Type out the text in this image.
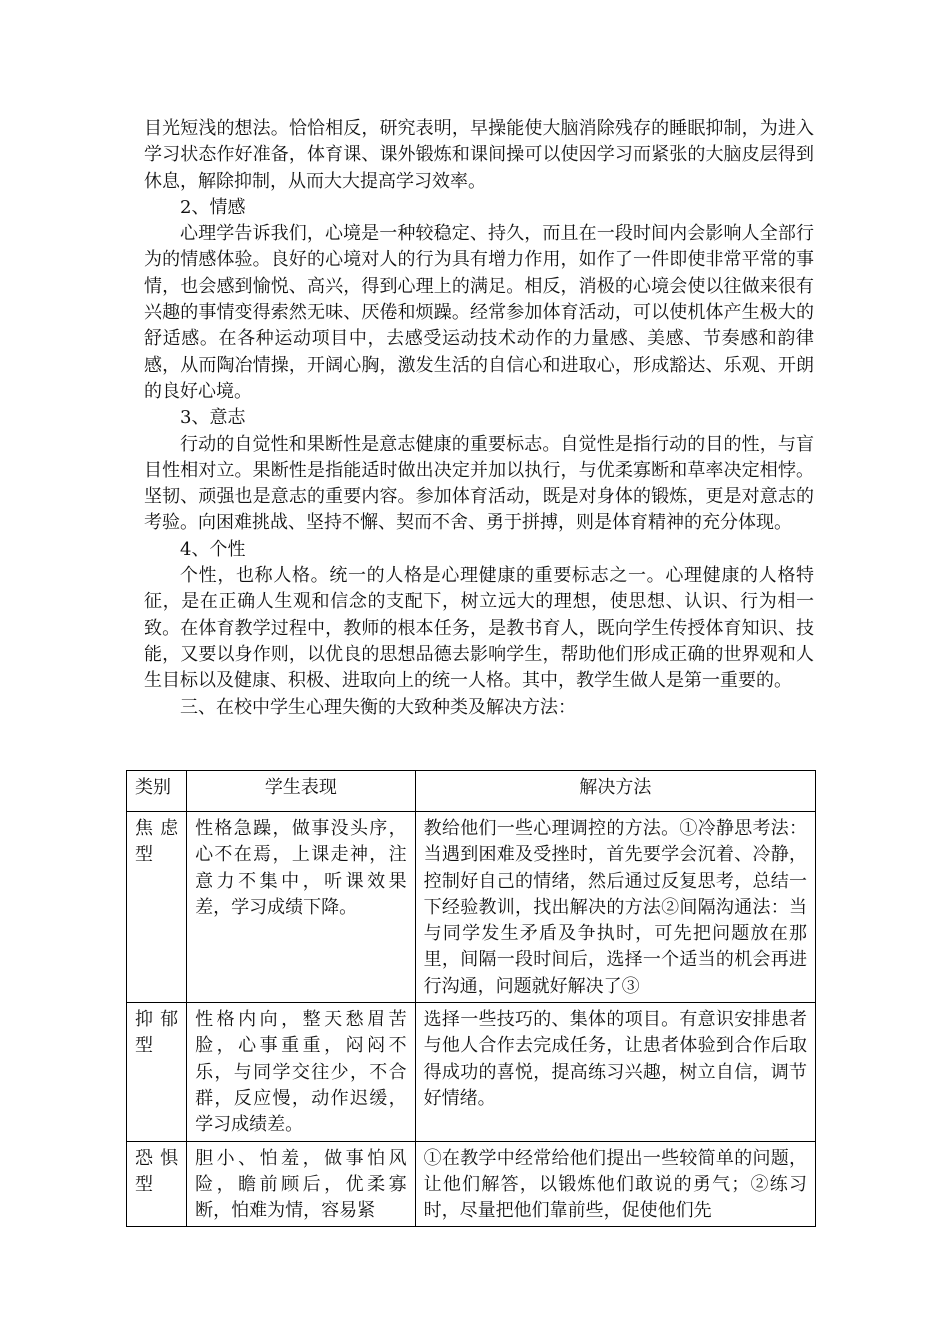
目光短浅的想法。恰恰相反，研究表明，早操能使大脑消除残存的睡眠抑制，为进入学习状态作好准备，体育课、课外锻炼和课间操可以使因学习而紧张的大脑皮层得到休息，解除抑制，从而大大提高学习效率。

2、情感

心理学告诉我们，心境是一种较稳定、持久，而且在一段时间内会影响人全部行为的情感体验。良好的心境对人的行为具有增力作用，如作了一件即使非常平常的事情，也会感到愉悦、高兴，得到心理上的满足。相反，消极的心境会使以往做来很有兴趣的事情变得索然无味、厌倦和烦躁。经常参加体育活动，可以使机体产生极大的舒适感。在各种运动项目中，去感受运动技术动作的力量感、美感、节奏感和韵律感，从而陶冶情操，开阔心胸，激发生活的自信心和进取心，形成豁达、乐观、开朗的良好心境。

3、意志

行动的自觉性和果断性是意志健康的重要标志。自觉性是指行动的目的性，与盲目性相对立。果断性是指能适时做出决定并加以执行，与优柔寡断和草率决定相悖。坚韧、顽强也是意志的重要内容。参加体育活动，既是对身体的锻炼，更是对意志的考验。向困难挑战、坚持不懈、契而不舍、勇于拼搏，则是体育精神的充分体现。

4、个性

个性，也称人格。统一的人格是心理健康的重要标志之一。心理健康的人格特征，是在正确人生观和信念的支配下，树立远大的理想，使思想、认识、行为相一致。在体育教学过程中，教师的根本任务，是教书育人，既向学生传授体育知识、技能，又要以身作则，以优良的思想品德去影响学生，帮助他们形成正确的世界观和人生目标以及健康、积极、进取向上的统一人格。其中，教学生做人是第一重要的。

三、在校中学生心理失衡的大致种类及解决方法：

类别	学生表现	解决方法
焦虑型	性格急躁，做事没头序，心不在焉，上课走神，注意力不集中，听课效果差，学习成绩下降。	教给他们一些心理调控的方法。①冷静思考法：当遇到困难及受挫时，首先要学会沉着、冷静，控制好自己的情绪，然后通过反复思考，总结一下经验教训，找出解决的方法②间隔沟通法：当与同学发生矛盾及争执时，可先把问题放在那里，间隔一段时间后，选择一个适当的机会再进行沟通，问题就好解决了③
抑郁型	性格内向，整天愁眉苦脸，心事重重，闷闷不乐，与同学交往少，不合群，反应慢，动作迟缓，学习成绩差。	选择一些技巧的、集体的项目。有意识安排患者与他人合作去完成任务，让患者体验到合作后取得成功的喜悦，提高练习兴趣，树立自信，调节好情绪。
恐惧型	胆小、怕羞，做事怕风险，瞻前顾后，优柔寡断，怕难为情，容易紧	①在教学中经常给他们提出一些较简单的问题，让他们解答，以锻炼他们敢说的勇气；②练习时，尽量把他们靠前些，促使他们先
